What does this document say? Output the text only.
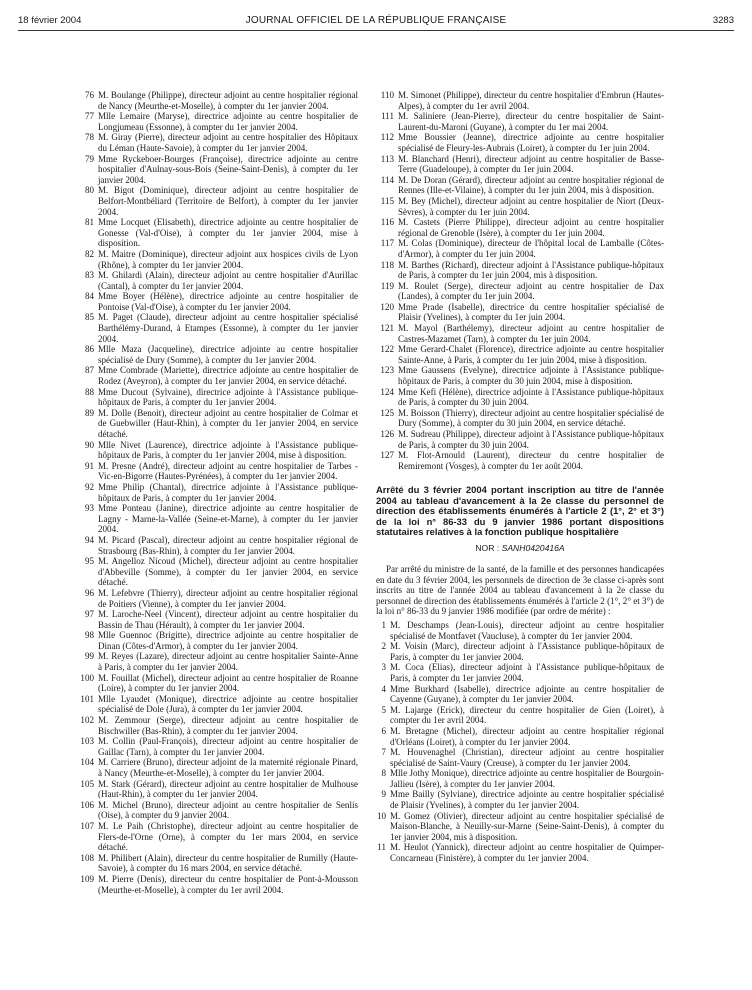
18 février 2004	JOURNAL OFFICIEL DE LA RÉPUBLIQUE FRANÇAISE	3283
76 M. Boulange (Philippe), directeur adjoint au centre hospitalier régional de Nancy (Meurthe-et-Moselle), à compter du 1er janvier 2004.
77 Mlle Lemaire (Maryse), directrice adjointe au centre hospitalier de Longjumeau (Essonne), à compter du 1er janvier 2004.
78 M. Giray (Pierre), directeur adjoint au centre hospitalier des Hôpitaux du Léman (Haute-Savoie), à compter du 1er janvier 2004.
79 Mme Ryckeboer-Bourges (Françoise), directrice adjointe au centre hospitalier d'Aulnay-sous-Bois (Seine-Saint-Denis), à compter du 1er janvier 2004.
80 M. Bigot (Dominique), directeur adjoint au centre hospitalier de Belfort-Montbéliard (Territoire de Belfort), à compter du 1er janvier 2004.
81 Mme Locquet (Elisabeth), directrice adjointe au centre hospitalier de Gonesse (Val-d'Oise), à compter du 1er janvier 2004, mise à disposition.
82 M. Maitre (Dominique), directeur adjoint aux hospices civils de Lyon (Rhône), à compter du 1er janvier 2004.
83 M. Ghilardi (Alain), directeur adjoint au centre hospitalier d'Aurillac (Cantal), à compter du 1er janvier 2004.
84 Mme Boyer (Hélène), directrice adjointe au centre hospitalier de Pontoise (Val-d'Oise), à compter du 1er janvier 2004.
85 M. Paget (Claude), directeur adjoint au centre hospitalier spécialisé Barthélémy-Durand, à Etampes (Essonne), à compter du 1er janvier 2004.
86 Mlle Maza (Jacqueline), directrice adjointe au centre hospitalier spécialisé de Dury (Somme), à compter du 1er janvier 2004.
87 Mme Combrade (Mariette), directrice adjointe au centre hospitalier de Rodez (Aveyron), à compter du 1er janvier 2004, en service détaché.
88 Mme Ducout (Sylvaine), directrice adjointe à l'Assistance publique-hôpitaux de Paris, à compter du 1er janvier 2004.
89 M. Dolle (Benoit), directeur adjoint au centre hospitalier de Colmar et de Guebwiller (Haut-Rhin), à compter du 1er janvier 2004, en service détaché.
90 Mlle Nivet (Laurence), directrice adjointe à l'Assistance publique-hôpitaux de Paris, à compter du 1er janvier 2004, mise à disposition.
91 M. Presne (André), directeur adjoint au centre hospitalier de Tarbes - Vic-en-Bigorre (Hautes-Pyrénées), à compter du 1er janvier 2004.
92 Mme Philip (Chantal), directrice adjointe à l'Assistance publique-hôpitaux de Paris, à compter du 1er janvier 2004.
93 Mme Ponteau (Janine), directrice adjointe au centre hospitalier de Lagny - Marne-la-Vallée (Seine-et-Marne), à compter du 1er janvier 2004.
94 M. Picard (Pascal), directeur adjoint au centre hospitalier régional de Strasbourg (Bas-Rhin), à compter du 1er janvier 2004.
95 M. Angelloz Nicoud (Michel), directeur adjoint au centre hospitalier d'Abbeville (Somme), à compter du 1er janvier 2004, en service détaché.
96 M. Lefebvre (Thierry), directeur adjoint au centre hospitalier régional de Poitiers (Vienne), à compter du 1er janvier 2004.
97 M. Laroche-Neel (Vincent), directeur adjoint au centre hospitalier du Bassin de Thau (Hérault), à compter du 1er janvier 2004.
98 Mlle Guennoc (Brigitte), directrice adjointe au centre hospitalier de Dinan (Côtes-d'Armor), à compter du 1er janvier 2004.
99 M. Reyes (Lazare), directeur adjoint au centre hospitalier Sainte-Anne à Paris, à compter du 1er janvier 2004.
100 M. Fouillat (Michel), directeur adjoint au centre hospitalier de Roanne (Loire), à compter du 1er janvier 2004.
101 Mlle Lyaudet (Monique), directrice adjointe au centre hospitalier spécialisé de Dole (Jura), à compter du 1er janvier 2004.
102 M. Zemmour (Serge), directeur adjoint au centre hospitalier de Bischwiller (Bas-Rhin), à compter du 1er janvier 2004.
103 M. Collin (Paul-François), directeur adjoint au centre hospitalier de Gaillac (Tarn), à compter du 1er janvier 2004.
104 M. Carriere (Bruno), directeur adjoint de la maternité régionale Pinard, à Nancy (Meurthe-et-Moselle), à compter du 1er janvier 2004.
105 M. Stark (Gérard), directeur adjoint au centre hospitalier de Mulhouse (Haut-Rhin), à compter du 1er janvier 2004.
106 M. Michel (Bruno), directeur adjoint au centre hospitalier de Senlis (Oise), à compter du 9 janvier 2004.
107 M. Le Paih (Christophe), directeur adjoint au centre hospitalier de Flers-de-l'Orne (Orne), à compter du 1er mars 2004, en service détaché.
108 M. Philibert (Alain), directeur du centre hospitalier de Rumilly (Haute-Savoie), à compter du 16 mars 2004, en service détaché.
109 M. Pierre (Denis), directeur du centre hospitalier de Pont-à-Mousson (Meurthe-et-Moselle), à compter du 1er avril 2004.
110 M. Simonet (Philippe), directeur du centre hospitalier d'Embrun (Hautes-Alpes), à compter du 1er avril 2004.
111 M. Saliniere (Jean-Pierre), directeur du centre hospitalier de Saint-Laurent-du-Maroni (Guyane), à compter du 1er mai 2004.
112 Mme Boussier (Jeanne), directrice adjointe au centre hospitalier spécialisé de Fleury-les-Aubrais (Loiret), à compter du 1er juin 2004.
113 M. Blanchard (Henri), directeur adjoint au centre hospitalier de Basse-Terre (Guadeloupe), à compter du 1er juin 2004.
114 M. De Doran (Gérard), directeur adjoint au centre hospitalier régional de Rennes (Ille-et-Vilaine), à compter du 1er juin 2004, mis à disposition.
115 M. Bey (Michel), directeur adjoint au centre hospitalier de Niort (Deux-Sèvres), à compter du 1er juin 2004.
116 M. Castets (Pierre Philippe), directeur adjoint au centre hospitalier régional de Grenoble (Isère), à compter du 1er juin 2004.
117 M. Colas (Dominique), directeur de l'hôpital local de Lamballe (Côtes-d'Armor), à compter du 1er juin 2004.
118 M. Barthes (Richard), directeur adjoint à l'Assistance publique-hôpitaux de Paris, à compter du 1er juin 2004, mis à disposition.
119 M. Roulet (Serge), directeur adjoint au centre hospitalier de Dax (Landes), à compter du 1er juin 2004.
120 Mme Prade (Isabelle), directrice du centre hospitalier spécialisé de Plaisir (Yvelines), à compter du 1er juin 2004.
121 M. Mayol (Barthélemy), directeur adjoint au centre hospitalier de Castres-Mazamet (Tarn), à compter du 1er juin 2004.
122 Mme Gerard-Chalet (Florence), directrice adjointe au centre hospitalier Sainte-Anne, à Paris, à compter du 1er juin 2004, mise à disposition.
123 Mme Gaussens (Evelyne), directrice adjointe à l'Assistance publique-hôpitaux de Paris, à compter du 30 juin 2004, mise à disposition.
124 Mme Kefi (Hélène), directrice adjointe à l'Assistance publique-hôpitaux de Paris, à compter du 30 juin 2004.
125 M. Boisson (Thierry), directeur adjoint au centre hospitalier spécialisé de Dury (Somme), à compter du 30 juin 2004, en service détaché.
126 M. Sudreau (Philippe), directeur adjoint à l'Assistance publique-hôpitaux de Paris, à compter du 30 juin 2004.
127 M. Flot-Arnould (Laurent), directeur du centre hospitalier de Remiremont (Vosges), à compter du 1er août 2004.
Arrêté du 3 février 2004 portant inscription au titre de l'année 2004 au tableau d'avancement à la 2e classe du personnel de direction des établissements énumérés à l'article 2 (1°, 2° et 3°) de la loi n° 86-33 du 9 janvier 1986 portant dispositions statutaires relatives à la fonction publique hospitalière
NOR : SANH0420416A

Par arrêté du ministre de la santé, de la famille et des personnes handicapées en date du 3 février 2004, les personnels de direction de 3e classe ci-après sont inscrits au titre de l'année 2004 au tableau d'avancement à la 2e classe du personnel de direction des établissements énumérés à l'article 2 (1°, 2° et 3°) de la loi n° 86-33 du 9 janvier 1986 modifiée (par ordre de mérite) :

1 M. Deschamps (Jean-Louis), directeur adjoint au centre hospitalier spécialisé de Montfavet (Vaucluse), à compter du 1er janvier 2004.
2 M. Voisin (Marc), directeur adjoint à l'Assistance publique-hôpitaux de Paris, à compter du 1er janvier 2004.
3 M. Coca (Elias), directeur adjoint à l'Assistance publique-hôpitaux de Paris, à compter du 1er janvier 2004.
4 Mme Burkhard (Isabelle), directrice adjointe au centre hospitalier de Cayenne (Guyane), à compter du 1er janvier 2004.
5 M. Lajarge (Erick), directeur du centre hospitalier de Gien (Loiret), à compter du 1er avril 2004.
6 M. Bretagne (Michel), directeur adjoint au centre hospitalier régional d'Orléans (Loiret), à compter du 1er janvier 2004.
7 M. Houvenaghel (Christian), directeur adjoint au centre hospitalier spécialisé de Saint-Vaury (Creuse), à compter du 1er janvier 2004.
8 Mlle Jothy Monique), directrice adjointe au centre hospitalier de Bourgoin-Jallieu (Isère), à compter du 1er janvier 2004.
9 Mme Bailly (Sylviane), directrice adjointe au centre hospitalier spécialisé de Plaisir (Yvelines), à compter du 1er janvier 2004.
10 M. Gomez (Olivier), directeur adjoint au centre hospitalier spécialisé de Maison-Blanche, à Neuilly-sur-Marne (Seine-Saint-Denis), à compter du 1er janvier 2004, mis à disposition.
11 M. Heulot (Yannick), directeur adjoint au centre hospitalier de Quimper-Concarneau (Finistère), à compter du 1er janvier 2004.
